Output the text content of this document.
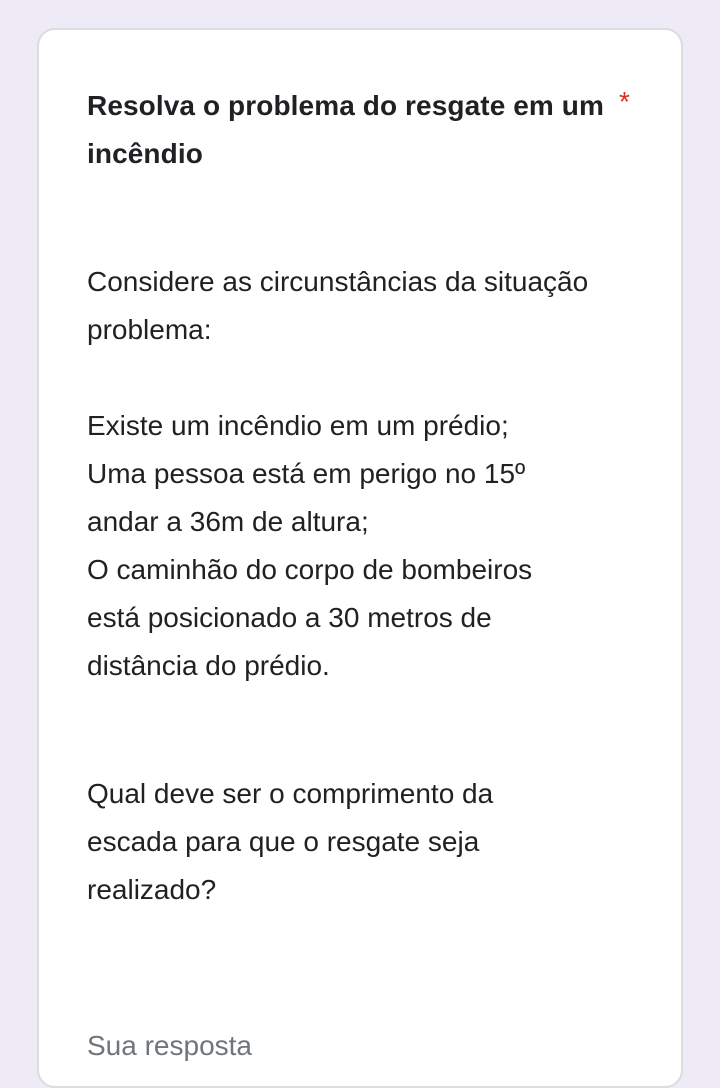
Resolva o problema do resgate em um incêndio
*

Considere as circunstâncias da situação problema:

Existe um incêndio em um prédio;

Uma pessoa está em perigo no 15º andar a 36m de altura;

O caminhão do corpo de bombeiros está posicionado a 30 metros de distância do prédio.

Qual deve ser o comprimento da escada para que o resgate seja realizado?

Sua resposta
